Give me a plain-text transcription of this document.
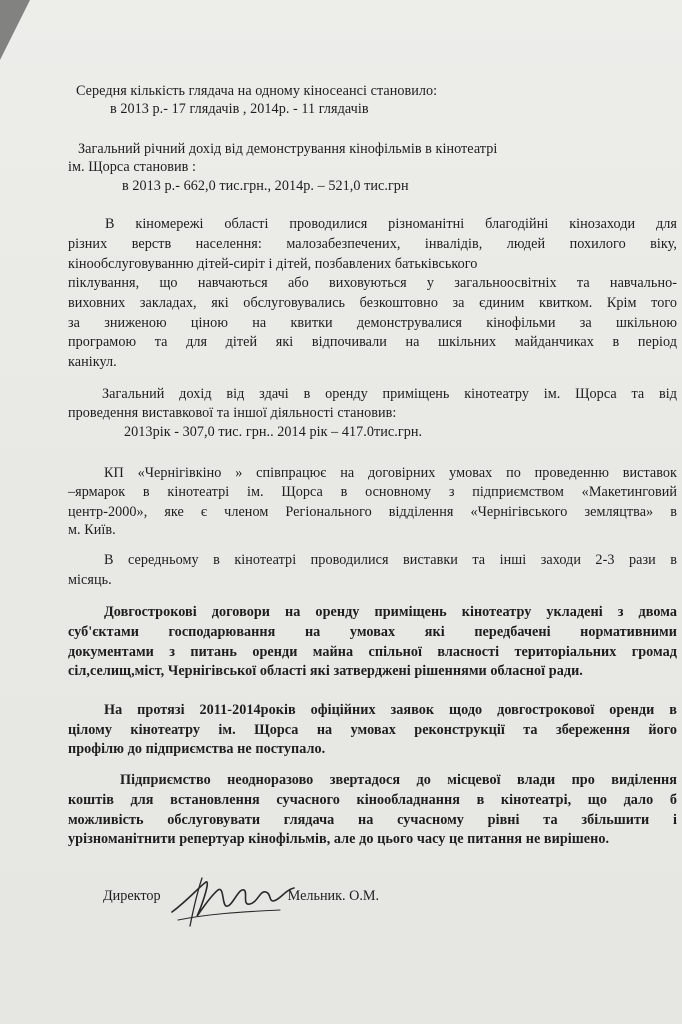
Середня кількість глядача на одному кіносеансі становило:
в 2013 р.- 17 глядачів , 2014р. - 11 глядачів
Загальний річний дохід від демонстрування кінофільмів в кінотеатрі
ім. Щорса становив :
в 2013 р.- 662,0 тис.грн., 2014р. – 521,0 тис.грн
В кіномережі області проводилися різноманітні благодійні кінозаходи для
різних верств населення: малозабезпечених, інвалідів, людей похилого віку,
кінообслуговуванню дітей-сиріт і дітей, позбавлених батьківського
піклування, що навчаються або виховуються у загальноосвітніх та навчально-
виховних закладах, які обслуговувались безкоштовно за єдиним квитком. Крім того
за зниженою ціною на квитки демонструвалися кінофільми за шкільною
програмою та для дітей які відпочивали на шкільних майданчиках в період
канікул.
Загальний дохід від здачі в оренду приміщень кінотеатру ім. Щорса та від
проведення виставкової та іншої діяльності становив:
2013рік - 307,0 тис. грн.. 2014 рік – 417.0тис.грн.
КП «Чернігівкіно » співпрацює на договірних умовах по проведенню виставок
–ярмарок в кінотеатрі ім. Щорса в основному з підприємством «Макетинговий
центр-2000», яке є членом Регіонального відділення «Чернігівського земляцтва» в
м. Київ.
В середньому в кінотеатрі проводилися виставки та інші заходи 2-3 рази в
місяць.
Довгострокові договори на оренду приміщень кінотеатру укладені з двома
суб'єктами господарювання на умовах які передбачені нормативними
документами з питань оренди майна спільної власності територіальних громад
сіл,селищ,міст, Чернігівської області які затверджені рішеннями обласної ради.
На протязі 2011-2014років офіційних заявок щодо довгострокової оренди в
цілому кінотеатру ім. Щорса на умовах реконструкції та збереження його
профілю до підприємства не поступало.
Підприємство неодноразово звертадося до місцевої влади про виділення
коштів для встановлення сучасного кінообладнання в кінотеатрі, що дало б
можливість обслуговувати глядача на сучасному рівні та збільшити і
урізноманітнити репертуар кінофільмів, але до цього часу це питання не вирішено.
Директор	Мельник. О.М.
